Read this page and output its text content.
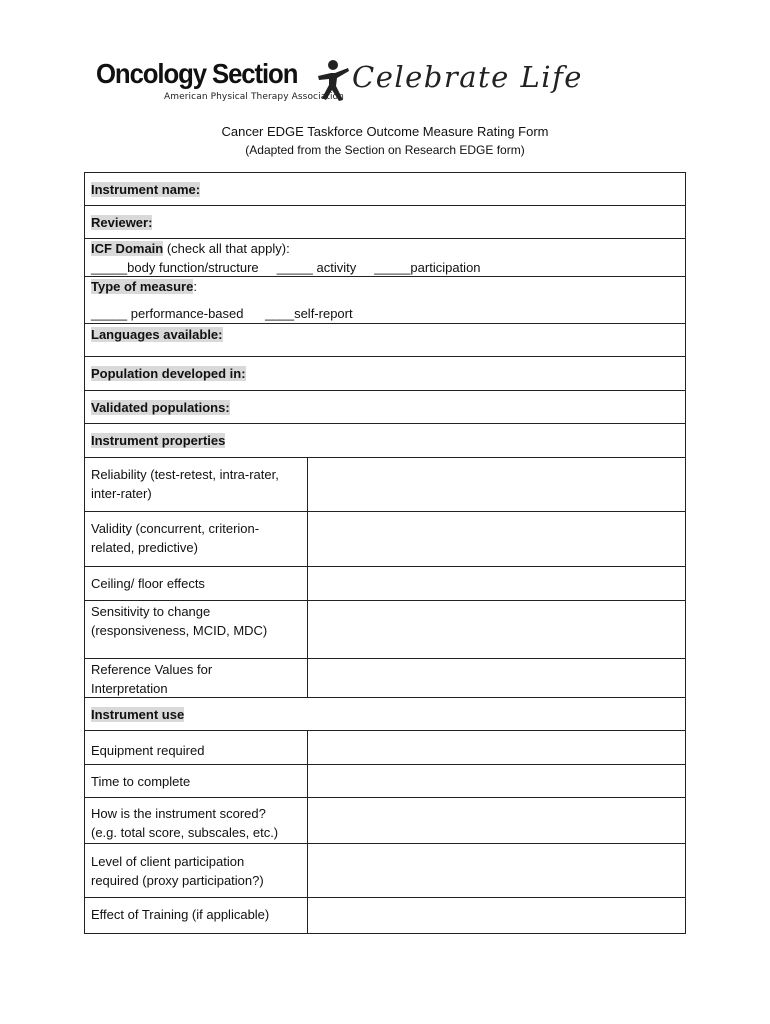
Oncology Section
American Physical Therapy Association
Celebrate Life
Cancer EDGE Taskforce Outcome Measure Rating Form
(Adapted from the Section on Research EDGE form)
Instrument name:
Reviewer:
ICF Domain (check all that apply):
_____body function/structure     _____ activity     _____participation
Type of measure:
_____ performance-based      ____self-report
Languages available:
Population developed in:
Validated populations:
Instrument properties
Reliability (test-retest, intra-rater,
inter-rater)
Validity (concurrent, criterion-
related, predictive)
Ceiling/ floor effects
Sensitivity to change
(responsiveness, MCID, MDC)
Reference Values for
Interpretation
Instrument use
Equipment required
Time to complete
How is the instrument scored?
(e.g. total score, subscales, etc.)
Level of client participation
required (proxy participation?)
Effect of Training (if applicable)
